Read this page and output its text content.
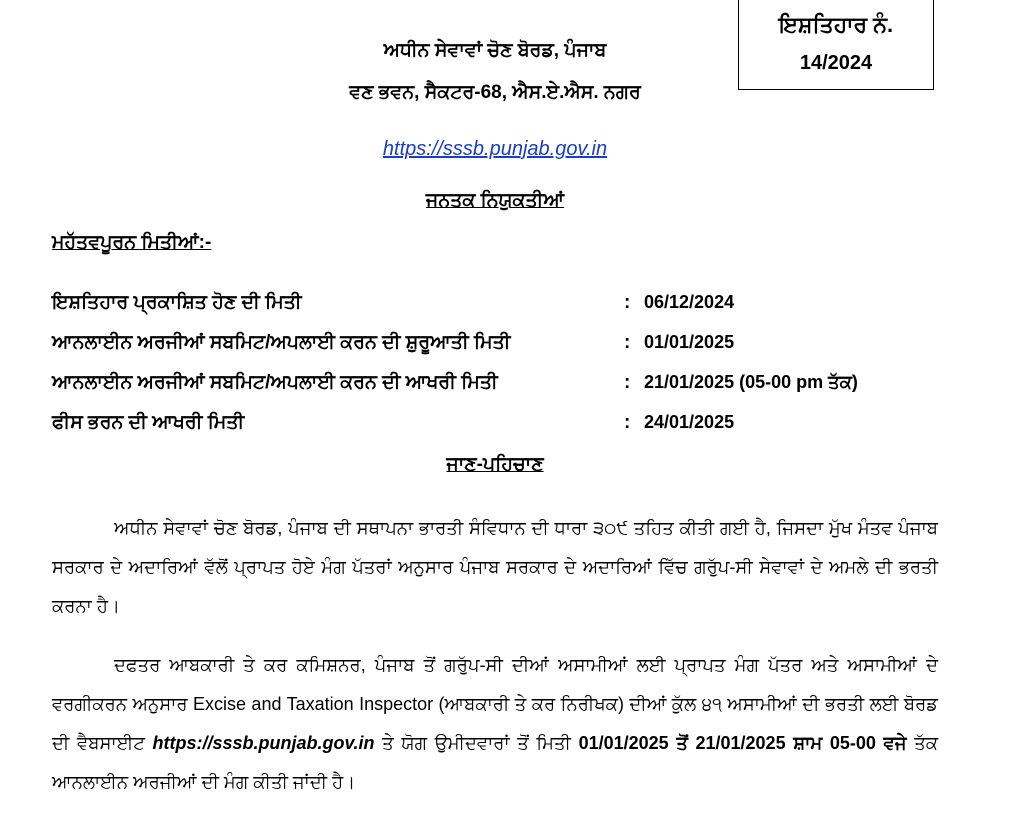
ਇਸ਼ਤਿਹਾਰ ਨੰ.
14/2024
ਅਧੀਨ ਸੇਵਾਵਾਂ ਚੋਣ ਬੋਰਡ, ਪੰਜਾਬ
ਵਣ ਭਵਨ, ਸੈਕਟਰ-68, ਐਸ.ਏ.ਐਸ. ਨਗਰ
https://sssb.punjab.gov.in
ਜਨਤਕ ਨਿਯੁਕਤੀਆਂ
ਮਹੱਤਵਪੂਰਨ ਮਿਤੀਆਂ:-
ਇਸ਼ਤਿਹਾਰ ਪ੍ਰਕਾਸ਼ਿਤ ਹੋਣ ਦੀ ਮਿਤੀ	: 06/12/2024
ਆਨਲਾਈਨ ਅਰਜੀਆਂ ਸਬਮਿਟ/ਅਪਲਾਈ ਕਰਨ ਦੀ ਸ਼ੁਰੂਆਤੀ ਮਿਤੀ	: 01/01/2025
ਆਨਲਾਈਨ ਅਰਜੀਆਂ ਸਬਮਿਟ/ਅਪਲਾਈ ਕਰਨ ਦੀ ਆਖਰੀ ਮਿਤੀ	: 21/01/2025 (05-00 pm ਤੱਕ)
ਫੀਸ ਭਰਨ ਦੀ ਆਖਰੀ ਮਿਤੀ	: 24/01/2025
ਜਾਣ-ਪਹਿਚਾਣ
ਅਧੀਨ ਸੇਵਾਵਾਂ ਚੋਣ ਬੋਰਡ, ਪੰਜਾਬ ਦੀ ਸਥਾਪਨਾ ਭਾਰਤੀ ਸੰਵਿਧਾਨ ਦੀ ਧਾਰਾ ੩੦੯ ਤਹਿਤ ਕੀਤੀ ਗਈ ਹੈ, ਜਿਸਦਾ ਮੁੱਖ ਮੰਤਵ ਪੰਜਾਬ ਸਰਕਾਰ ਦੇ ਅਦਾਰਿਆਂ ਵੱਲੋਂ ਪ੍ਰਾਪਤ ਹੋਏ ਮੰਗ ਪੱਤਰਾਂ ਅਨੁਸਾਰ ਪੰਜਾਬ ਸਰਕਾਰ ਦੇ ਅਦਾਰਿਆਂ ਵਿੱਚ ਗਰੁੱਪ-ਸੀ ਸੇਵਾਵਾਂ ਦੇ ਅਮਲੇ ਦੀ ਭਰਤੀ ਕਰਨਾ ਹੈ।
ਦਫਤਰ ਆਬਕਾਰੀ ਤੇ ਕਰ ਕਮਿਸ਼ਨਰ, ਪੰਜਾਬ ਤੋਂ ਗਰੁੱਪ-ਸੀ ਦੀਆਂ ਅਸਾਮੀਆਂ ਲਈ ਪ੍ਰਾਪਤ ਮੰਗ ਪੱਤਰ ਅਤੇ ਅਸਾਮੀਆਂ ਦੇ ਵਰਗੀਕਰਨ ਅਨੁਸਾਰ Excise and Taxation Inspector (ਆਬਕਾਰੀ ਤੇ ਕਰ ਨਿਰੀਖਕ) ਦੀਆਂ ਕੁੱਲ ੪੧ ਅਸਾਮੀਆਂ ਦੀ ਭਰਤੀ ਲਈ ਬੋਰਡ ਦੀ ਵੈਬਸਾਈਟ https://sssb.punjab.gov.in ਤੇ ਯੋਗ ਉਮੀਦਵਾਰਾਂ ਤੋਂ ਮਿਤੀ 01/01/2025 ਤੋਂ 21/01/2025 ਸ਼ਾਮ 05-00 ਵਜੇ ਤੱਕ ਆਨਲਾਈਨ ਅਰਜੀਆਂ ਦੀ ਮੰਗ ਕੀਤੀ ਜਾਂਦੀ ਹੈ।
